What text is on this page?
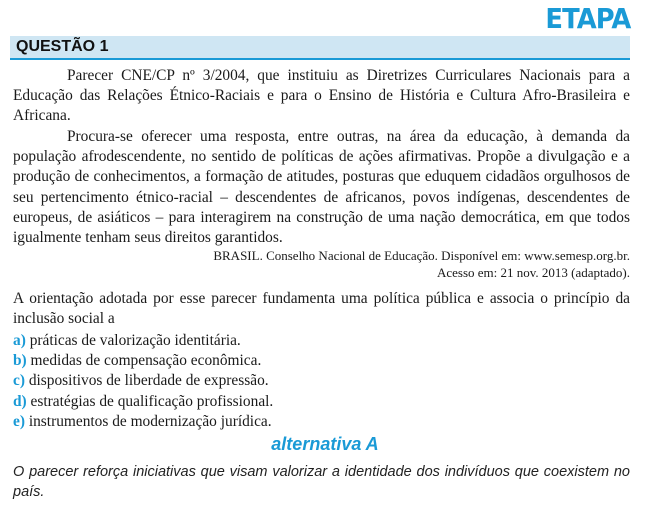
ETAPA
QUESTÃO 1
Parecer CNE/CP nº 3/2004, que instituiu as Diretrizes Curriculares Nacionais para a Educação das Relações Étnico-Raciais e para o Ensino de História e Cultura Afro-Brasileira e Africana.
Procura-se oferecer uma resposta, entre outras, na área da educação, à demanda da população afrodescendente, no sentido de políticas de ações afirmativas. Propõe a divulgação e a produção de conhecimentos, a formação de atitudes, posturas que eduquem cidadãos orgulhosos de seu pertencimento étnico-racial – descendentes de africanos, povos indígenas, descendentes de europeus, de asiáticos – para interagirem na construção de uma nação democrática, em que todos igualmente tenham seus direitos garantidos.
BRASIL. Conselho Nacional de Educação. Disponível em: www.semesp.org.br.
Acesso em: 21 nov. 2013 (adaptado).
A orientação adotada por esse parecer fundamenta uma política pública e associa o princípio da inclusão social a
a) práticas de valorização identitária.
b) medidas de compensação econômica.
c) dispositivos de liberdade de expressão.
d) estratégias de qualificação profissional.
e) instrumentos de modernização jurídica.
alternativa A
O parecer reforça iniciativas que visam valorizar a identidade dos indivíduos que coexistem no país.
